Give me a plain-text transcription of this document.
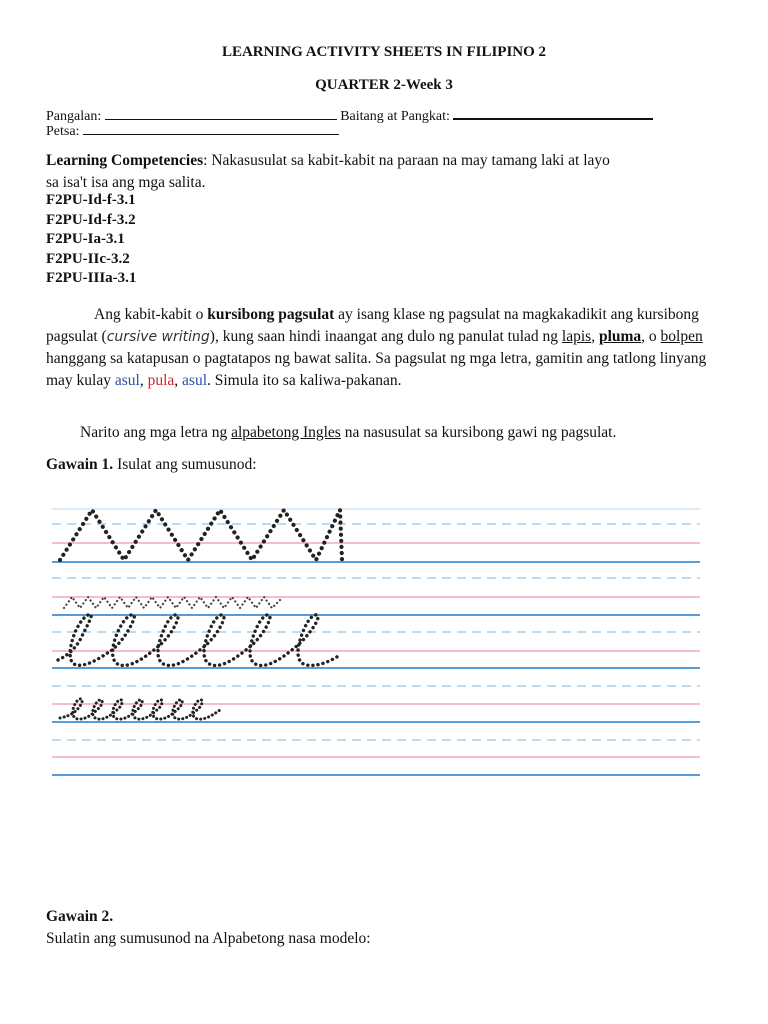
LEARNING ACTIVITY SHEETS IN FILIPINO 2
QUARTER 2-Week 3
Pangalan:	Baitang at Pangkat:
Petsa:
Learning Competencies: Nakasusulat sa kabit-kabit na paraan na may tamang laki at layo
sa isa't isa ang mga salita.
F2PU-Id-f-3.1
F2PU-Id-f-3.2
F2PU-Ia-3.1
F2PU-IIc-3.2
F2PU-IIIa-3.1
Ang kabit-kabit o kursibong pagsulat ay isang klase ng pagsulat na magkakadikit ang kursibong pagsulat (cursive writing), kung saan hindi inaangat ang dulo ng panulat tulad ng lapis, pluma, o bolpen hanggang sa katapusan o pagtatapos ng bawat salita. Sa pagsulat ng mga letra, gamitin ang tatlong linyang may kulay asul, pula, asul. Simula ito sa kaliwa-pakanan.
Narito ang mga letra ng alpabetong Ingles na nasusulat sa kursibong gawi ng pagsulat.
Gawain 1. Isulat ang sumusunod:
Gawain 2.
Sulatin ang sumusunod na Alpabetong nasa modelo:
